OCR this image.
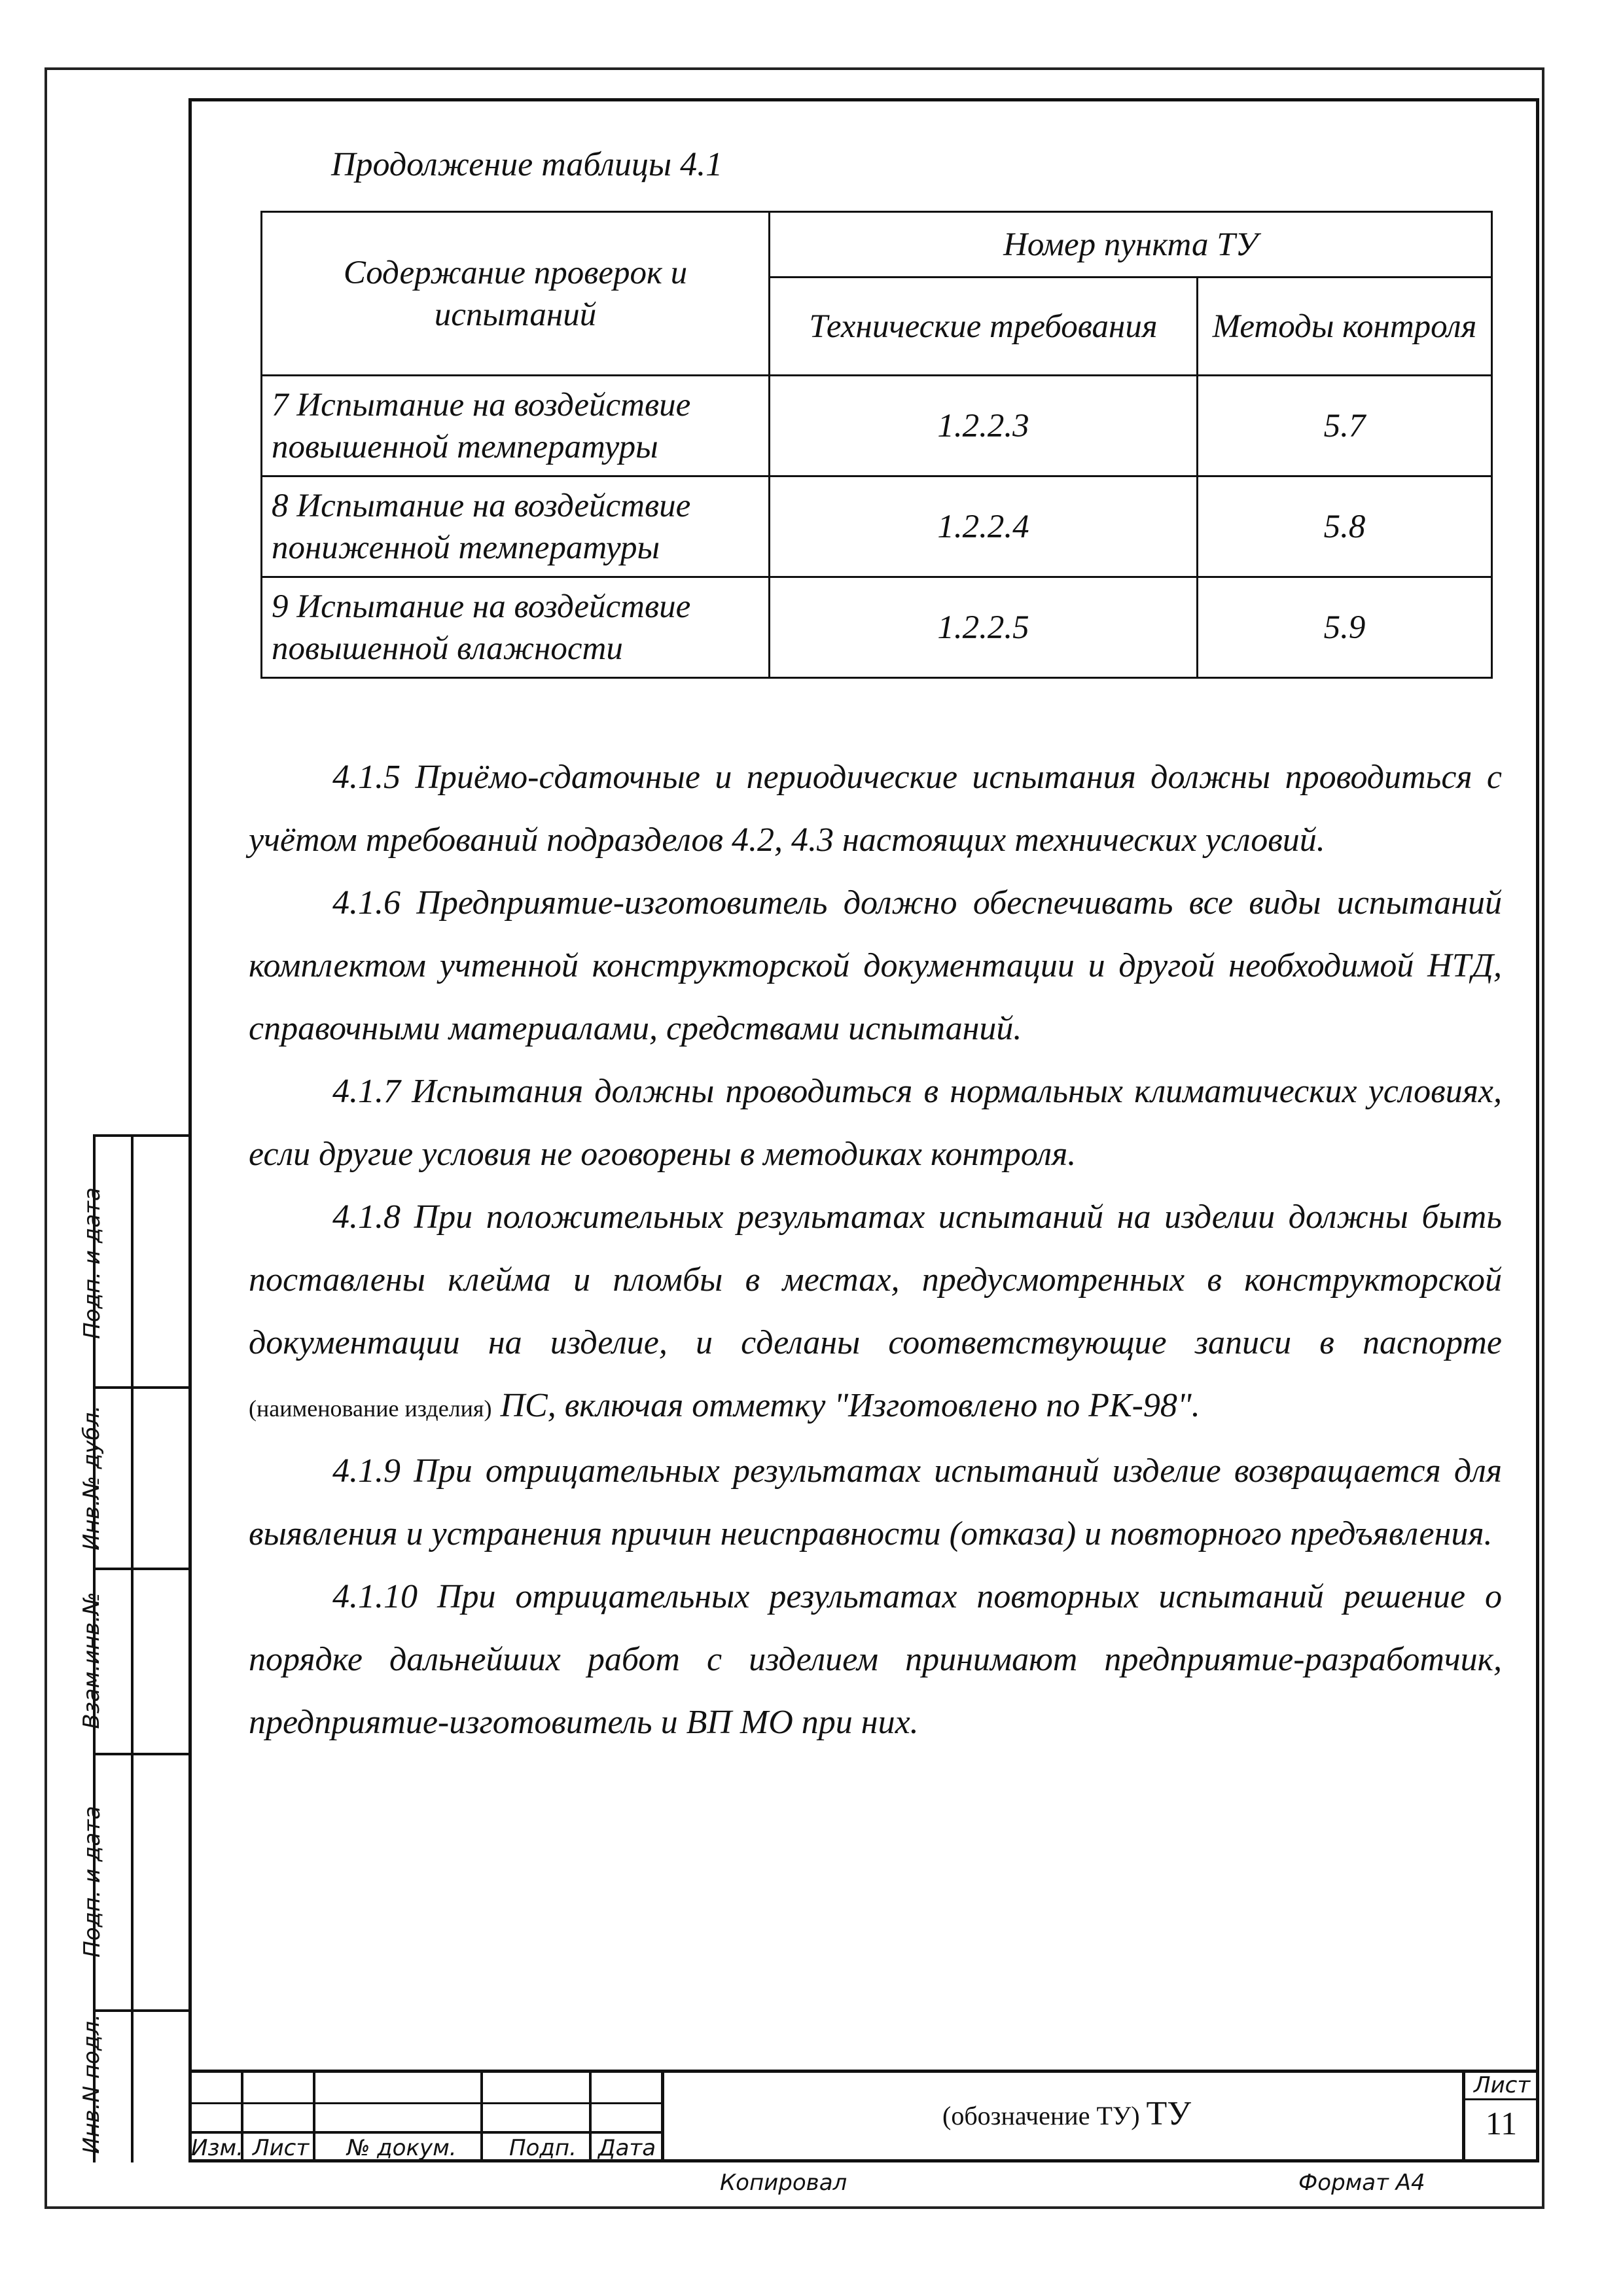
Продолжение таблицы 4.1
Содержание проверок и испытаний	Номер пункта ТУ	
	Технические требования	Методы контроля
7 Испытание на воздействие повышенной температуры	1.2.2.3	5.7
8 Испытание на воздействие пониженной температуры	1.2.2.4	5.8
9 Испытание на воздействие повышенной влажности	1.2.2.5	5.9

4.1.5 Приёмо-сдаточные и периодические испытания должны проводиться с учётом требований подразделов 4.2, 4.3 настоящих технических условий.

4.1.6 Предприятие-изготовитель должно обеспечивать все виды испытаний комплектом учтенной конструкторской документации и другой необходимой НТД, справочными материалами, средствами испытаний.

4.1.7 Испытания должны проводиться в нормальных климатических условиях, если другие условия не оговорены в методиках контроля.

4.1.8 При положительных результатах испытаний на изделии должны быть поставлены клейма и пломбы в местах, предусмотренных в конструкторской документации на изделие, и сделаны соответствующие записи в паспорте (наименование изделия) ПС, включая отметку "Изготовлено по РК-98".

4.1.9 При отрицательных результатах испытаний изделие возвращается для выявления и устранения причин неисправности (отказа) и повторного предъявления.

4.1.10 При отрицательных результатах повторных испытаний решение о порядке дальнейших работ с изделием принимают предприятие-разработчик, предприятие-изготовитель и ВП МО при них.

Подп. и дата
Инв.№ дубл.
Взам.инв.№
Подп. и дата
Инв.N подл.	Изм. Лист № докум. Подп. Дата
(обозначение ТУ) ТУ
Лист
11
Копировал	Формат А4
